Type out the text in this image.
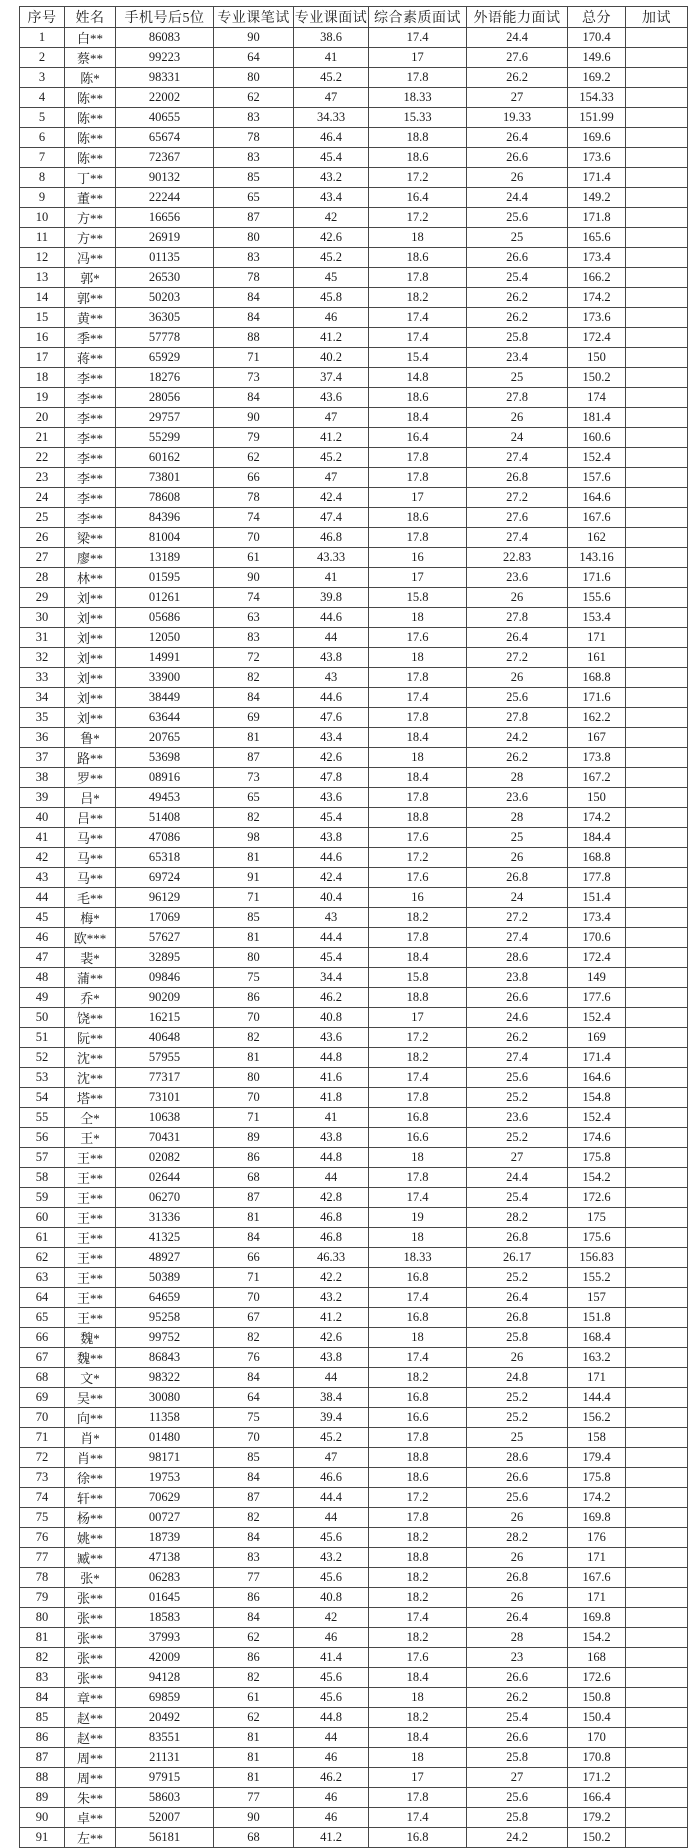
序号	姓名	手机号后5位	专业课笔试	专业课面试	综合素质面试	外语能力面试	总分	加试
1	白**	86083	90	38.6	17.4	24.4	170.4	
2	蔡**	99223	64	41	17	27.6	149.6	
3	陈*	98331	80	45.2	17.8	26.2	169.2	
4	陈**	22002	62	47	18.33	27	154.33	
5	陈**	40655	83	34.33	15.33	19.33	151.99	
6	陈**	65674	78	46.4	18.8	26.4	169.6	
7	陈**	72367	83	45.4	18.6	26.6	173.6	
8	丁**	90132	85	43.2	17.2	26	171.4	
9	董**	22244	65	43.4	16.4	24.4	149.2	
10	方**	16656	87	42	17.2	25.6	171.8	
11	方**	26919	80	42.6	18	25	165.6	
12	冯**	01135	83	45.2	18.6	26.6	173.4	
13	郭*	26530	78	45	17.8	25.4	166.2	
14	郭**	50203	84	45.8	18.2	26.2	174.2	
15	黄**	36305	84	46	17.4	26.2	173.6	
16	季**	57778	88	41.2	17.4	25.8	172.4	
17	蒋**	65929	71	40.2	15.4	23.4	150	
18	李**	18276	73	37.4	14.8	25	150.2	
19	李**	28056	84	43.6	18.6	27.8	174	
20	李**	29757	90	47	18.4	26	181.4	
21	李**	55299	79	41.2	16.4	24	160.6	
22	李**	60162	62	45.2	17.8	27.4	152.4	
23	李**	73801	66	47	17.8	26.8	157.6	
24	李**	78608	78	42.4	17	27.2	164.6	
25	李**	84396	74	47.4	18.6	27.6	167.6	
26	梁**	81004	70	46.8	17.8	27.4	162	
27	廖**	13189	61	43.33	16	22.83	143.16	
28	林**	01595	90	41	17	23.6	171.6	
29	刘**	01261	74	39.8	15.8	26	155.6	
30	刘**	05686	63	44.6	18	27.8	153.4	
31	刘**	12050	83	44	17.6	26.4	171	
32	刘**	14991	72	43.8	18	27.2	161	
33	刘**	33900	82	43	17.8	26	168.8	
34	刘**	38449	84	44.6	17.4	25.6	171.6	
35	刘**	63644	69	47.6	17.8	27.8	162.2	
36	鲁*	20765	81	43.4	18.4	24.2	167	
37	路**	53698	87	42.6	18	26.2	173.8	
38	罗**	08916	73	47.8	18.4	28	167.2	
39	吕*	49453	65	43.6	17.8	23.6	150	
40	吕**	51408	82	45.4	18.8	28	174.2	
41	马**	47086	98	43.8	17.6	25	184.4	
42	马**	65318	81	44.6	17.2	26	168.8	
43	马**	69724	91	42.4	17.6	26.8	177.8	
44	毛**	96129	71	40.4	16	24	151.4	
45	梅*	17069	85	43	18.2	27.2	173.4	
46	欧***	57627	81	44.4	17.8	27.4	170.6	
47	裴*	32895	80	45.4	18.4	28.6	172.4	
48	蒲**	09846	75	34.4	15.8	23.8	149	
49	乔*	90209	86	46.2	18.8	26.6	177.6	
50	饶**	16215	70	40.8	17	24.6	152.4	
51	阮**	40648	82	43.6	17.2	26.2	169	
52	沈**	57955	81	44.8	18.2	27.4	171.4	
53	沈**	77317	80	41.6	17.4	25.6	164.6	
54	塔**	73101	70	41.8	17.8	25.2	154.8	
55	仝*	10638	71	41	16.8	23.6	152.4	
56	王*	70431	89	43.8	16.6	25.2	174.6	
57	王**	02082	86	44.8	18	27	175.8	
58	王**	02644	68	44	17.8	24.4	154.2	
59	王**	06270	87	42.8	17.4	25.4	172.6	
60	王**	31336	81	46.8	19	28.2	175	
61	王**	41325	84	46.8	18	26.8	175.6	
62	王**	48927	66	46.33	18.33	26.17	156.83	
63	王**	50389	71	42.2	16.8	25.2	155.2	
64	王**	64659	70	43.2	17.4	26.4	157	
65	王**	95258	67	41.2	16.8	26.8	151.8	
66	魏*	99752	82	42.6	18	25.8	168.4	
67	魏**	86843	76	43.8	17.4	26	163.2	
68	文*	98322	84	44	18.2	24.8	171	
69	吴**	30080	64	38.4	16.8	25.2	144.4	
70	向**	11358	75	39.4	16.6	25.2	156.2	
71	肖*	01480	70	45.2	17.8	25	158	
72	肖**	98171	85	47	18.8	28.6	179.4	
73	徐**	19753	84	46.6	18.6	26.6	175.8	
74	轩**	70629	87	44.4	17.2	25.6	174.2	
75	杨**	00727	82	44	17.8	26	169.8	
76	姚**	18739	84	45.6	18.2	28.2	176	
77	臧**	47138	83	43.2	18.8	26	171	
78	张*	06283	77	45.6	18.2	26.8	167.6	
79	张**	01645	86	40.8	18.2	26	171	
80	张**	18583	84	42	17.4	26.4	169.8	
81	张**	37993	62	46	18.2	28	154.2	
82	张**	42009	86	41.4	17.6	23	168	
83	张**	94128	82	45.6	18.4	26.6	172.6	
84	章**	69859	61	45.6	18	26.2	150.8	
85	赵**	20492	62	44.8	18.2	25.4	150.4	
86	赵**	83551	81	44	18.4	26.6	170	
87	周**	21131	81	46	18	25.8	170.8	
88	周**	97915	81	46.2	17	27	171.2	
89	朱**	58603	77	46	17.8	25.6	166.4	
90	卓**	52007	90	46	17.4	25.8	179.2	
91	左**	56181	68	41.2	16.8	24.2	150.2	
